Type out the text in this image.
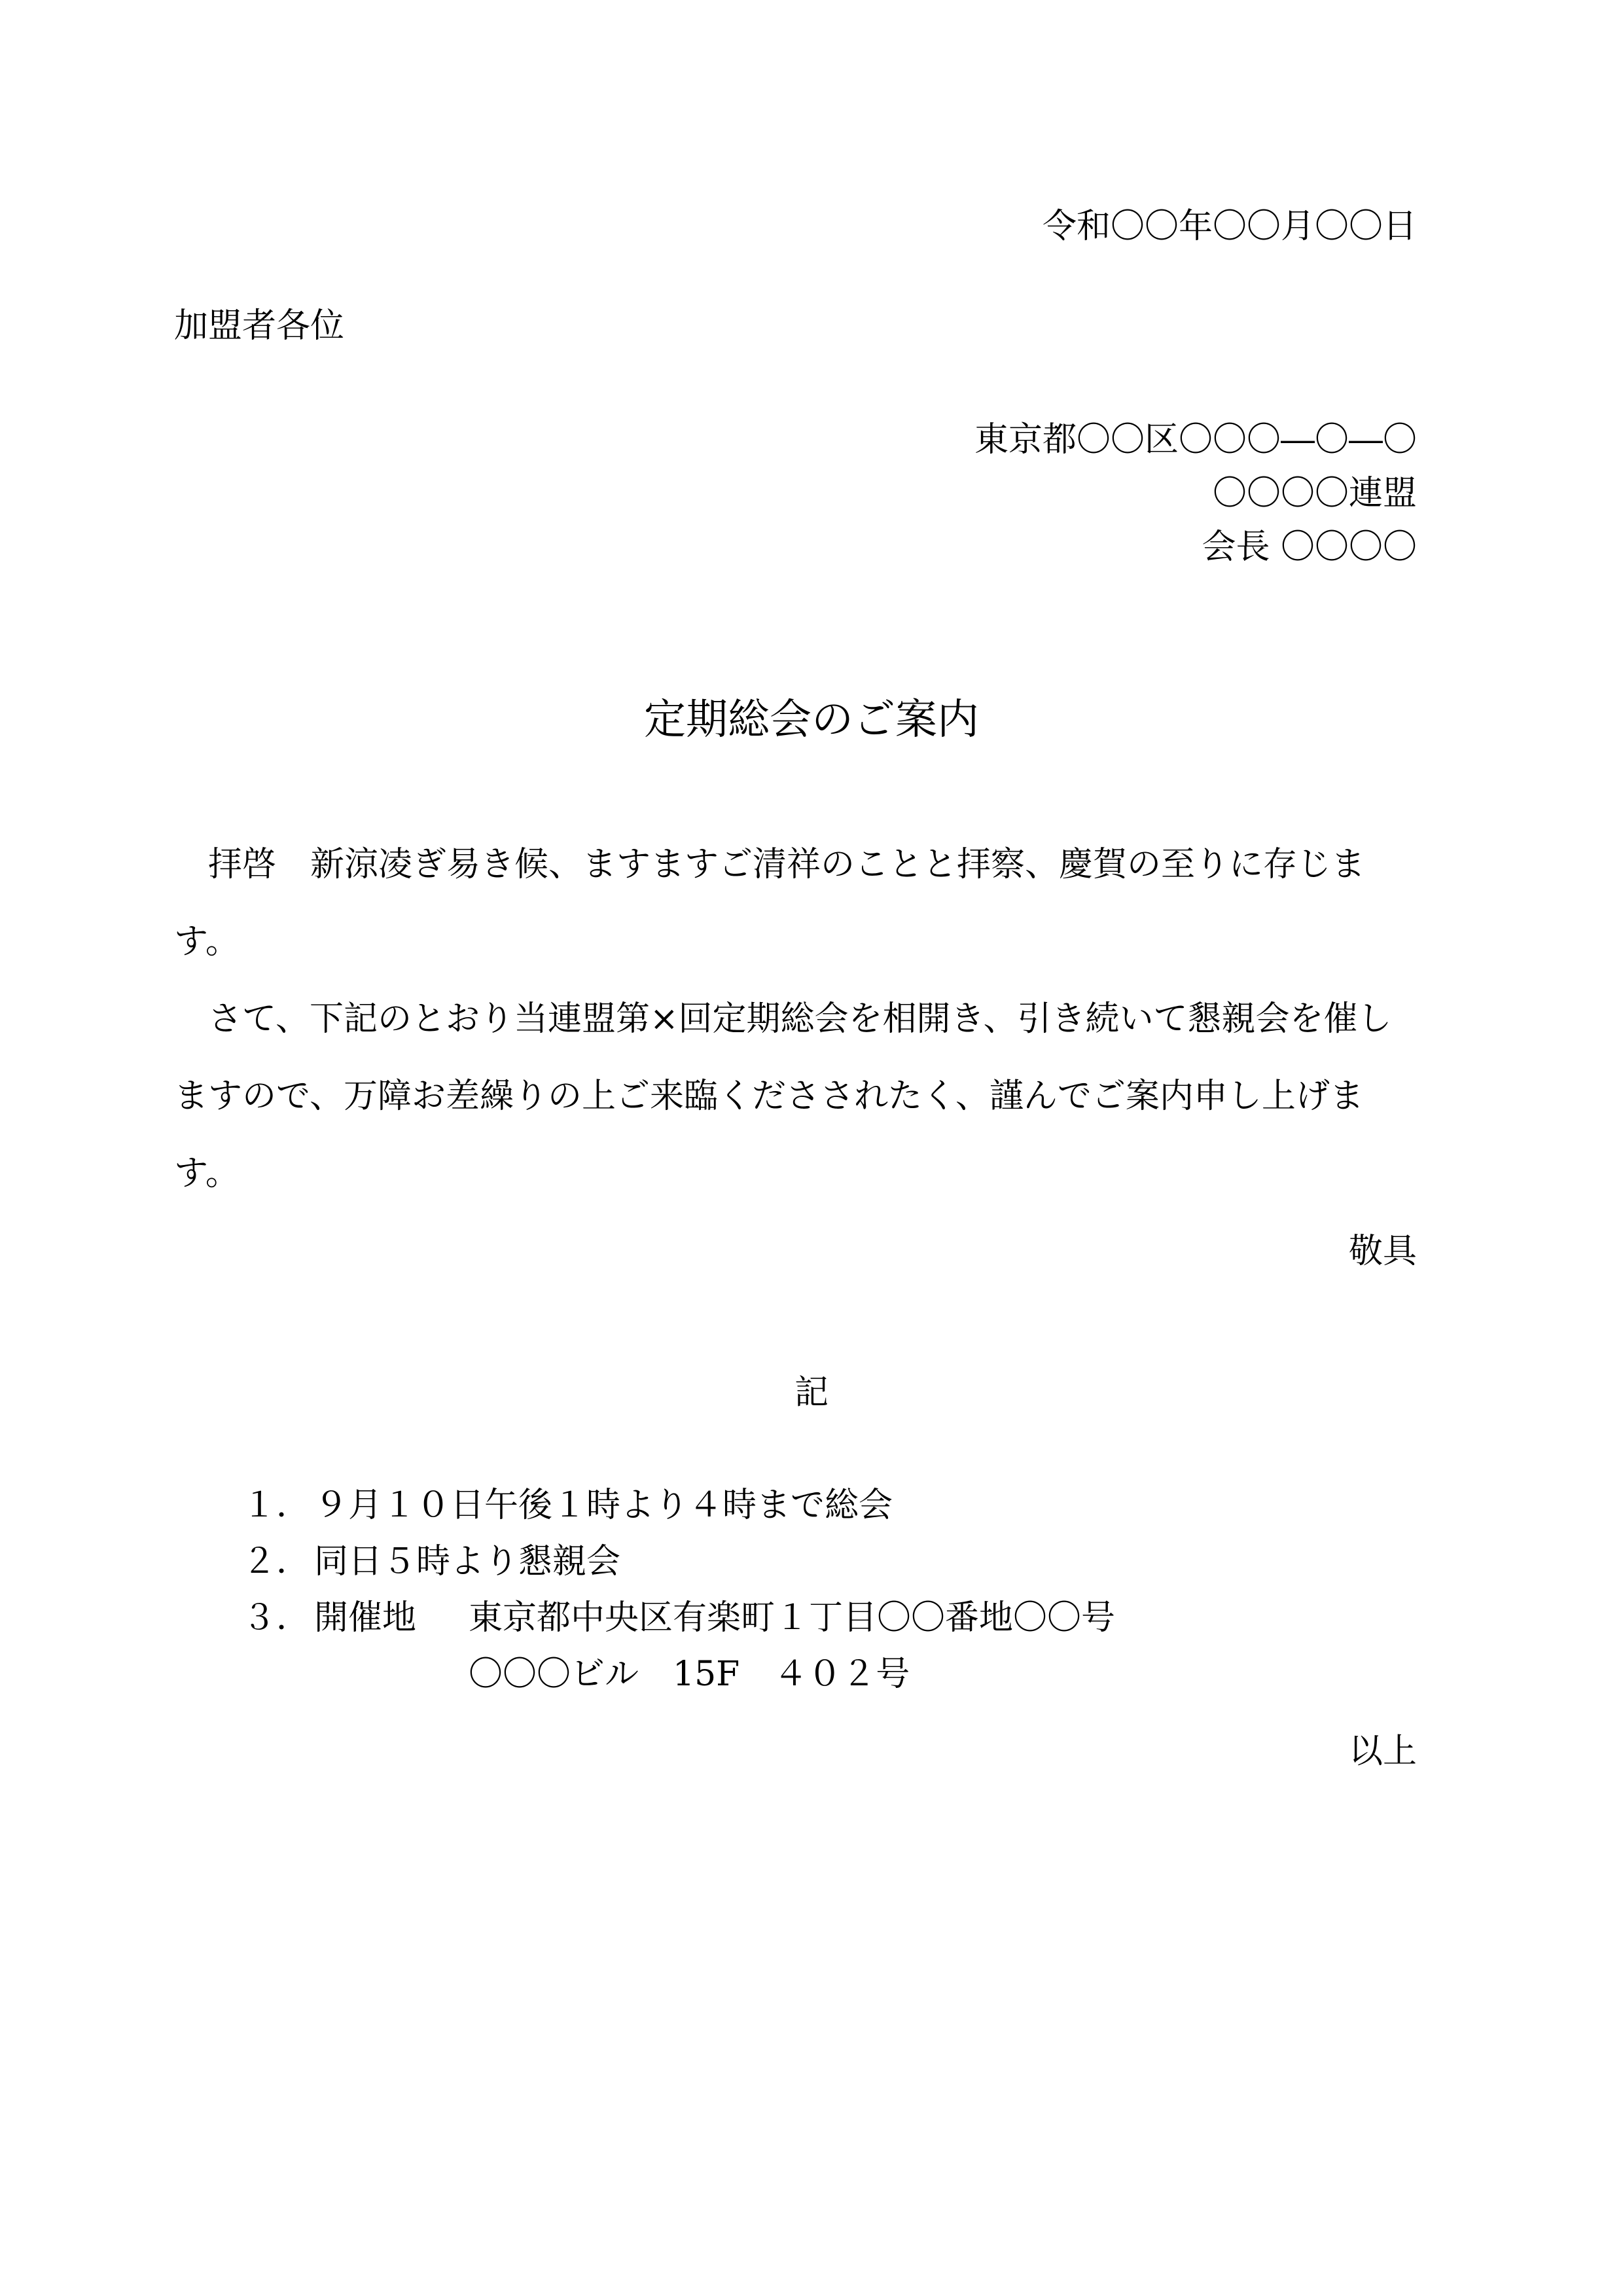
令和〇〇年〇〇月〇〇日
加盟者各位
東京都〇〇区〇〇〇―〇―〇
〇〇〇〇連盟
会長 〇〇〇〇
定期総会のご案内

拝啓　新涼凌ぎ易き候、ますますご清祥のことと拝察、慶賀の至りに存じます。

さて、下記のとおり当連盟第×回定期総会を相開き、引き続いて懇親会を催しますので、万障お差繰りの上ご来臨くださされたく、謹んでご案内申し上げます。

敬具
記
１． ９月１０日午後１時より４時まで総会
２． 同日５時より懇親会
３． 開催地 東京都中央区有楽町１丁目〇〇番地〇〇号
〇〇〇ビル　15F　４０２号
以上
